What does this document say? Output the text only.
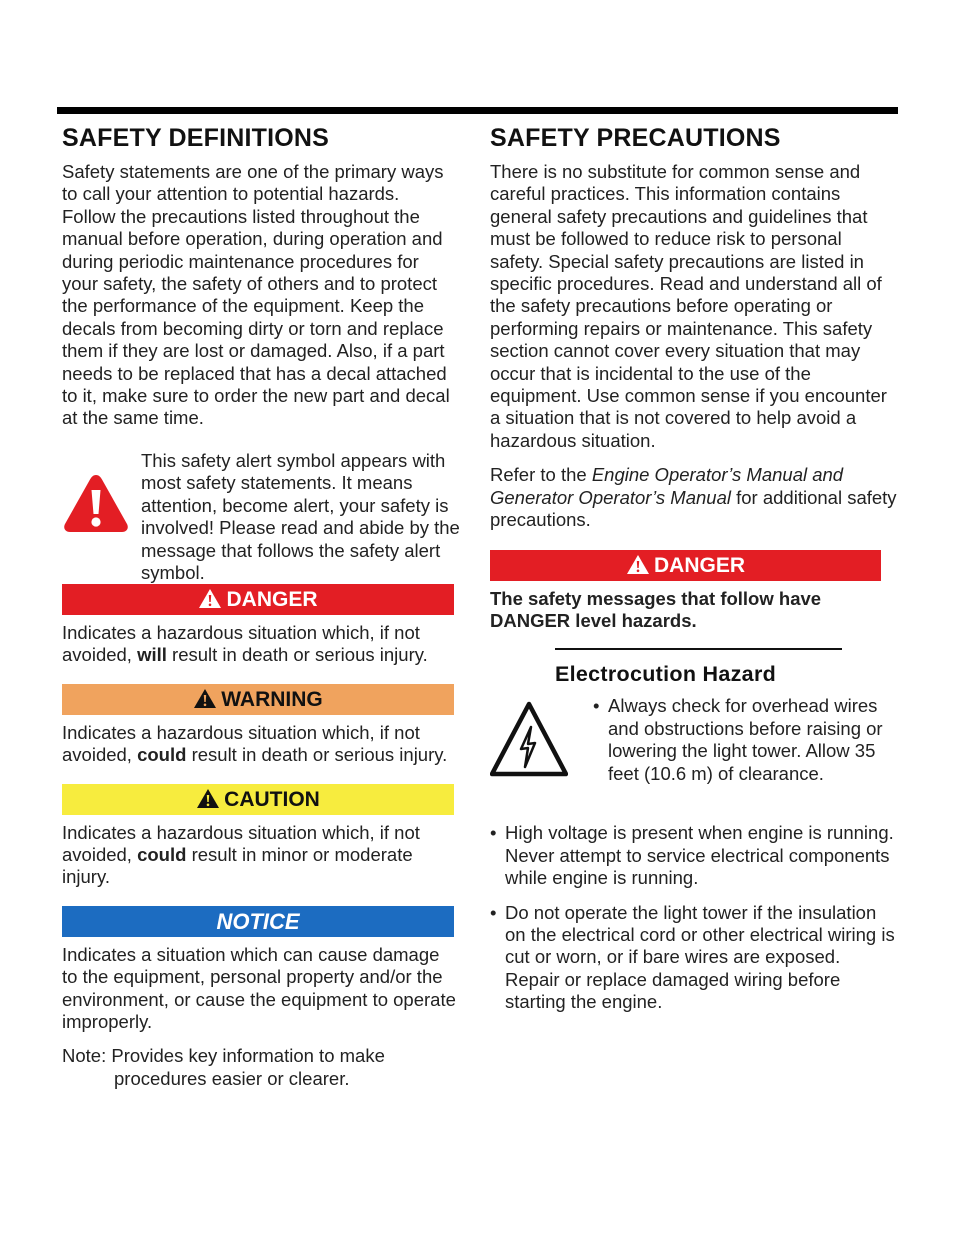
SAFETY DEFINITIONS

Safety statements are one of the primary ways to call your attention to potential hazards. Follow the precautions listed throughout the manual before operation, during operation and during periodic maintenance procedures for your safety, the safety of others and to protect the performance of the equipment. Keep the decals from becoming dirty or torn and replace them if they are lost or damaged. Also, if a part needs to be replaced that has a decal attached to it, make sure to order the new part and decal at the same time.

This safety alert symbol appears with most safety statements. It means attention, become alert, your safety is involved! Please read and abide by the message that follows the safety alert symbol.

DANGER

Indicates a hazardous situation which, if not avoided, will result in death or serious injury.

WARNING

Indicates a hazardous situation which, if not avoided, could result in death or serious injury.

CAUTION

Indicates a hazardous situation which, if not avoided, could result in minor or moderate injury.

NOTICE

Indicates a situation which can cause damage to the equipment, personal property and/or the environment, or cause the equipment to operate improperly.

Note: Provides key information to make procedures easier or clearer.

SAFETY PRECAUTIONS

There is no substitute for common sense and careful practices. This information contains general safety precautions and guidelines that must be followed to reduce risk to personal safety. Special safety precautions are listed in specific procedures. Read and understand all of the safety precautions before operating or performing repairs or maintenance. This safety section cannot cover every situation that may occur that is incidental to the use of the equipment. Use common sense if you encounter a situation that is not covered to help avoid a hazardous situation.

Refer to the Engine Operator’s Manual and Generator Operator’s Manual for additional safety precautions.

DANGER

The safety messages that follow have DANGER level hazards.

Electrocution Hazard

• Always check for overhead wires and obstructions before raising or lowering the light tower. Allow 35 feet (10.6 m) of clearance.

• High voltage is present when engine is running. Never attempt to service electrical components while engine is running.

• Do not operate the light tower if the insulation on the electrical cord or other electrical wiring is cut or worn, or if bare wires are exposed. Repair or replace damaged wiring before starting the engine.
